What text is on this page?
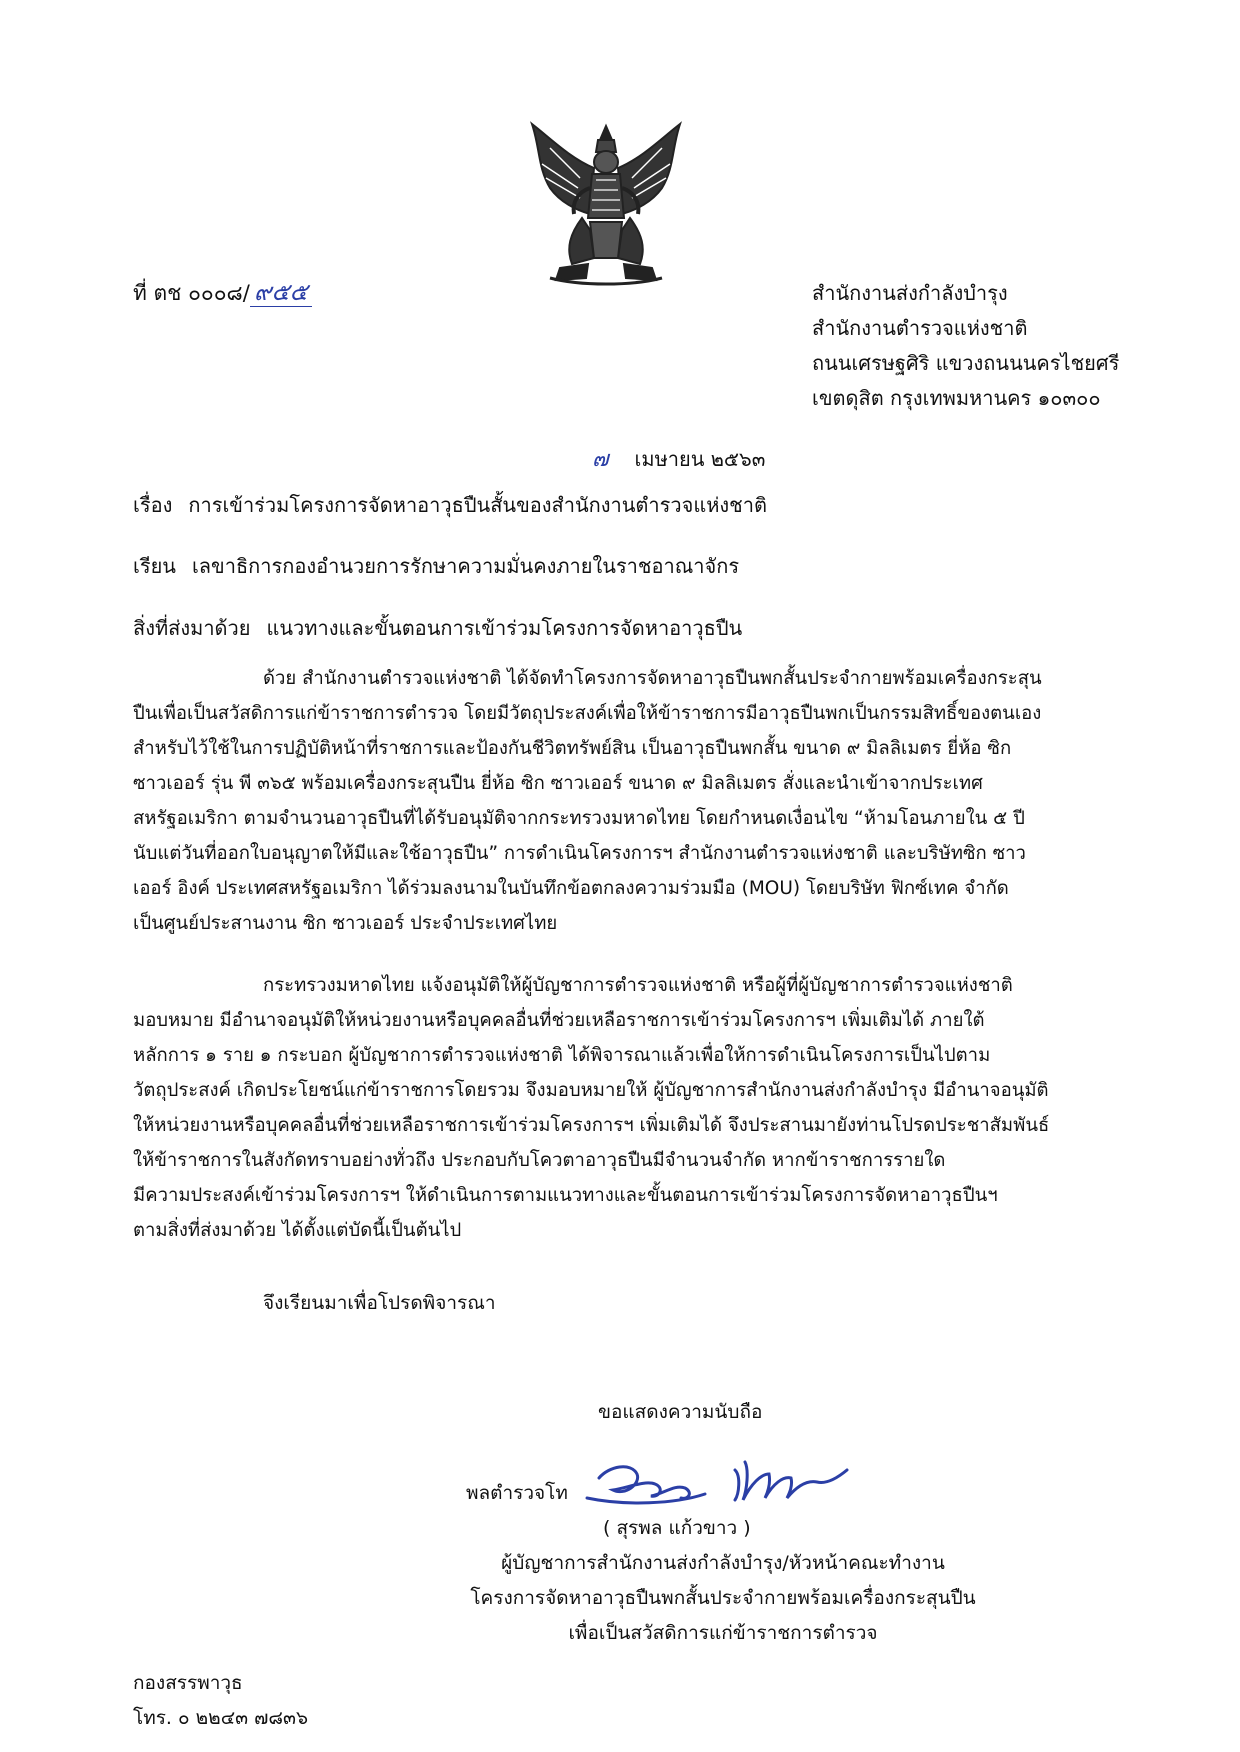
ที่ ตช ๐๐๐๘/ ๙๕๕	สำนักงานส่งกำลังบำรุง
สำนักงานตำรวจแห่งชาติ
ถนนเศรษฐศิริ แขวงถนนนครไชยศรี
เขตดุสิต กรุงเทพมหานคร ๑๐๓๐๐
๗ เมษายน ๒๕๖๓
เรื่อง การเข้าร่วมโครงการจัดหาอาวุธปืนสั้นของสำนักงานตำรวจแห่งชาติ
เรียน เลขาธิการกองอำนวยการรักษาความมั่นคงภายในราชอาณาจักร
สิ่งที่ส่งมาด้วย แนวทางและขั้นตอนการเข้าร่วมโครงการจัดหาอาวุธปืน
ด้วย สำนักงานตำรวจแห่งชาติ ได้จัดทำโครงการจัดหาอาวุธปืนพกสั้นประจำกายพร้อมเครื่องกระสุน
ปืนเพื่อเป็นสวัสดิการแก่ข้าราชการตำรวจ โดยมีวัตถุประสงค์เพื่อให้ข้าราชการมีอาวุธปืนพกเป็นกรรมสิทธิ์ของตนเอง
สำหรับไว้ใช้ในการปฏิบัติหน้าที่ราชการและป้องกันชีวิตทรัพย์สิน เป็นอาวุธปืนพกสั้น ขนาด ๙ มิลลิเมตร ยี่ห้อ ซิก
ซาวเออร์ รุ่น พี ๓๖๕ พร้อมเครื่องกระสุนปืน ยี่ห้อ ซิก ซาวเออร์ ขนาด ๙ มิลลิเมตร สั่งและนำเข้าจากประเทศ
สหรัฐอเมริกา ตามจำนวนอาวุธปืนที่ได้รับอนุมัติจากกระทรวงมหาดไทย โดยกำหนดเงื่อนไข “ห้ามโอนภายใน ๕ ปี
นับแต่วันที่ออกใบอนุญาตให้มีและใช้อาวุธปืน” การดำเนินโครงการฯ สำนักงานตำรวจแห่งชาติ และบริษัทซิก ซาว
เออร์ อิงค์ ประเทศสหรัฐอเมริกา ได้ร่วมลงนามในบันทึกข้อตกลงความร่วมมือ (MOU) โดยบริษัท ฟิกซ์เทค จำกัด
เป็นศูนย์ประสานงาน ซิก ซาวเออร์ ประจำประเทศไทย
กระทรวงมหาดไทย แจ้งอนุมัติให้ผู้บัญชาการตำรวจแห่งชาติ หรือผู้ที่ผู้บัญชาการตำรวจแห่งชาติ
มอบหมาย มีอำนาจอนุมัติให้หน่วยงานหรือบุคคลอื่นที่ช่วยเหลือราชการเข้าร่วมโครงการฯ เพิ่มเติมได้ ภายใต้
หลักการ ๑ ราย ๑ กระบอก ผู้บัญชาการตำรวจแห่งชาติ ได้พิจารณาแล้วเพื่อให้การดำเนินโครงการเป็นไปตาม
วัตถุประสงค์ เกิดประโยชน์แก่ข้าราชการโดยรวม จึงมอบหมายให้ ผู้บัญชาการสำนักงานส่งกำลังบำรุง มีอำนาจอนุมัติ
ให้หน่วยงานหรือบุคคลอื่นที่ช่วยเหลือราชการเข้าร่วมโครงการฯ เพิ่มเติมได้ จึงประสานมายังท่านโปรดประชาสัมพันธ์
ให้ข้าราชการในสังกัดทราบอย่างทั่วถึง ประกอบกับโควตาอาวุธปืนมีจำนวนจำกัด หากข้าราชการรายใด
มีความประสงค์เข้าร่วมโครงการฯ ให้ดำเนินการตามแนวทางและขั้นตอนการเข้าร่วมโครงการจัดหาอาวุธปืนฯ
ตามสิ่งที่ส่งมาด้วย ได้ตั้งแต่บัดนี้เป็นต้นไป
จึงเรียนมาเพื่อโปรดพิจารณา
ขอแสดงความนับถือ
พลตำรวจโท
( สุรพล แก้วขาว )
ผู้บัญชาการสำนักงานส่งกำลังบำรุง/หัวหน้าคณะทำงาน
โครงการจัดหาอาวุธปืนพกสั้นประจำกายพร้อมเครื่องกระสุนปืน
เพื่อเป็นสวัสดิการแก่ข้าราชการตำรวจ
กองสรรพาวุธ
โทร. ๐ ๒๒๔๓ ๗๘๓๖
